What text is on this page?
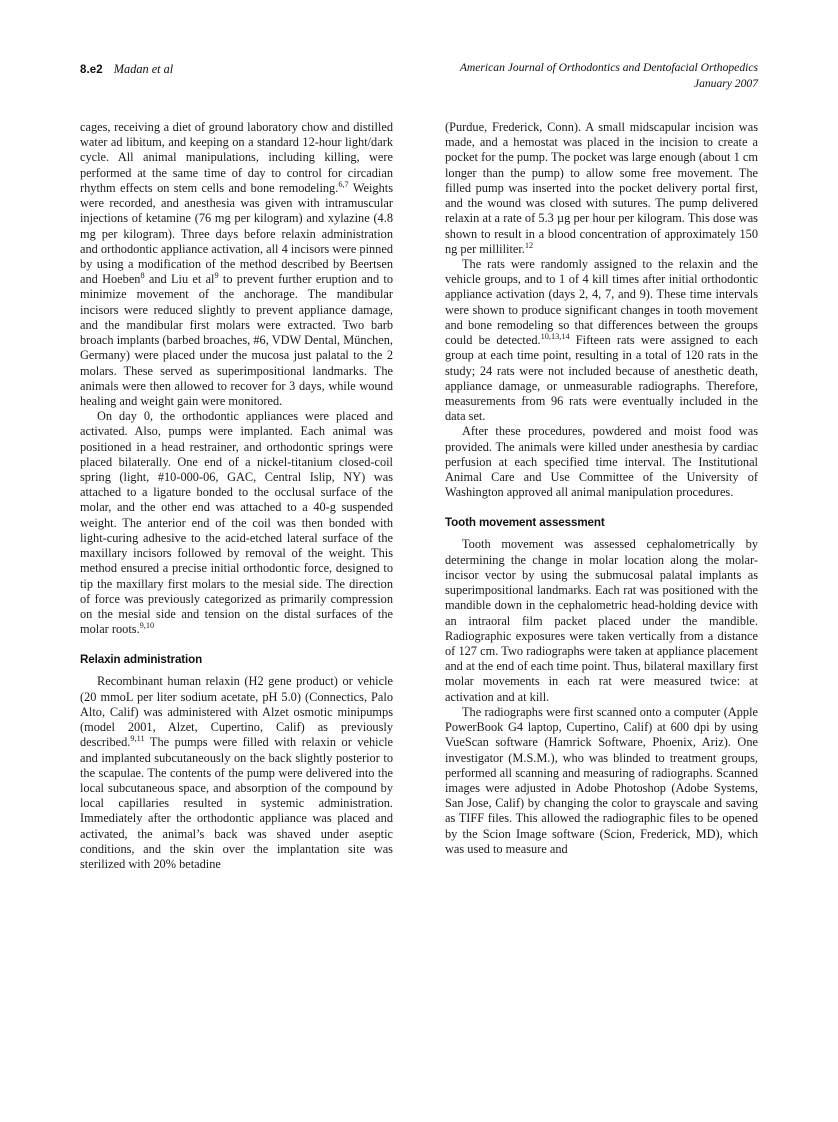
8.e2 Madan et al	American Journal of Orthodontics and Dentofacial Orthopedics
January 2007

cages, receiving a diet of ground laboratory chow and distilled water ad libitum, and keeping on a standard 12-hour light/dark cycle. All animal manipulations, including killing, were performed at the same time of day to control for circadian rhythm effects on stem cells and bone remodeling.$^{6,7}$ Weights were recorded, and anesthesia was given with intramuscular injections of ketamine (76 mg per kilogram) and xylazine (4.8 mg per kilogram). Three days before relaxin administration and orthodontic appliance activation, all 4 incisors were pinned by using a modification of the method described by Beertsen and Hoeben$^8$ and Liu et al$^9$ to prevent further eruption and to minimize movement of the anchorage. The mandibular incisors were reduced slightly to prevent appliance damage, and the mandibular first molars were extracted. Two barb broach implants (barbed broaches, #6, VDW Dental, München, Germany) were placed under the mucosa just palatal to the 2 molars. These served as superimpositional landmarks. The animals were then allowed to recover for 3 days, while wound healing and weight gain were monitored.

On day 0, the orthodontic appliances were placed and activated. Also, pumps were implanted. Each animal was positioned in a head restrainer, and orthodontic springs were placed bilaterally. One end of a nickel-titanium closed-coil spring (light, #10-000-06, GAC, Central Islip, NY) was attached to a ligature bonded to the occlusal surface of the molar, and the other end was attached to a 40-g suspended weight. The anterior end of the coil was then bonded with light-curing adhesive to the acid-etched lateral surface of the maxillary incisors followed by removal of the weight. This method ensured a precise initial orthodontic force, designed to tip the maxillary first molars to the mesial side. The direction of force was previously categorized as primarily compression on the mesial side and tension on the distal surfaces of the molar roots.$^{9,10}$

Relaxin administration

Recombinant human relaxin (H2 gene product) or vehicle (20 mmoL per liter sodium acetate, pH 5.0) (Connectics, Palo Alto, Calif) was administered with Alzet osmotic minipumps (model 2001, Alzet, Cupertino, Calif) as previously described.$^{9,11}$ The pumps were filled with relaxin or vehicle and implanted subcutaneously on the back slightly posterior to the scapulae. The contents of the pump were delivered into the local subcutaneous space, and absorption of the compound by local capillaries resulted in systemic administration. Immediately after the orthodontic appliance was placed and activated, the animal’s back was shaved under aseptic conditions, and the skin over the implantation site was sterilized with 20% betadine

(Purdue, Frederick, Conn). A small midscapular incision was made, and a hemostat was placed in the incision to create a pocket for the pump. The pocket was large enough (about 1 cm longer than the pump) to allow some free movement. The filled pump was inserted into the pocket delivery portal first, and the wound was closed with sutures. The pump delivered relaxin at a rate of 5.3 µg per hour per kilogram. This dose was shown to result in a blood concentration of approximately 150 ng per milliliter.$^{12}$

The rats were randomly assigned to the relaxin and the vehicle groups, and to 1 of 4 kill times after initial orthodontic appliance activation (days 2, 4, 7, and 9). These time intervals were shown to produce significant changes in tooth movement and bone remodeling so that differences between the groups could be detected.$^{10,13,14}$ Fifteen rats were assigned to each group at each time point, resulting in a total of 120 rats in the study; 24 rats were not included because of anesthetic death, appliance damage, or unmeasurable radiographs. Therefore, measurements from 96 rats were eventually included in the data set.

After these procedures, powdered and moist food was provided. The animals were killed under anesthesia by cardiac perfusion at each specified time interval. The Institutional Animal Care and Use Committee of the University of Washington approved all animal manipulation procedures.

Tooth movement assessment

Tooth movement was assessed cephalometrically by determining the change in molar location along the molar-incisor vector by using the submucosal palatal implants as superimpositional landmarks. Each rat was positioned with the mandible down in the cephalometric head-holding device with an intraoral film packet placed under the mandible. Radiographic exposures were taken vertically from a distance of 127 cm. Two radiographs were taken at appliance placement and at the end of each time point. Thus, bilateral maxillary first molar movements in each rat were measured twice: at activation and at kill.

The radiographs were first scanned onto a computer (Apple PowerBook G4 laptop, Cupertino, Calif) at 600 dpi by using VueScan software (Hamrick Software, Phoenix, Ariz). One investigator (M.S.M.), who was blinded to treatment groups, performed all scanning and measuring of radiographs. Scanned images were adjusted in Adobe Photoshop (Adobe Systems, San Jose, Calif) by changing the color to grayscale and saving as TIFF files. This allowed the radiographic files to be opened by the Scion Image software (Scion, Frederick, MD), which was used to measure and
